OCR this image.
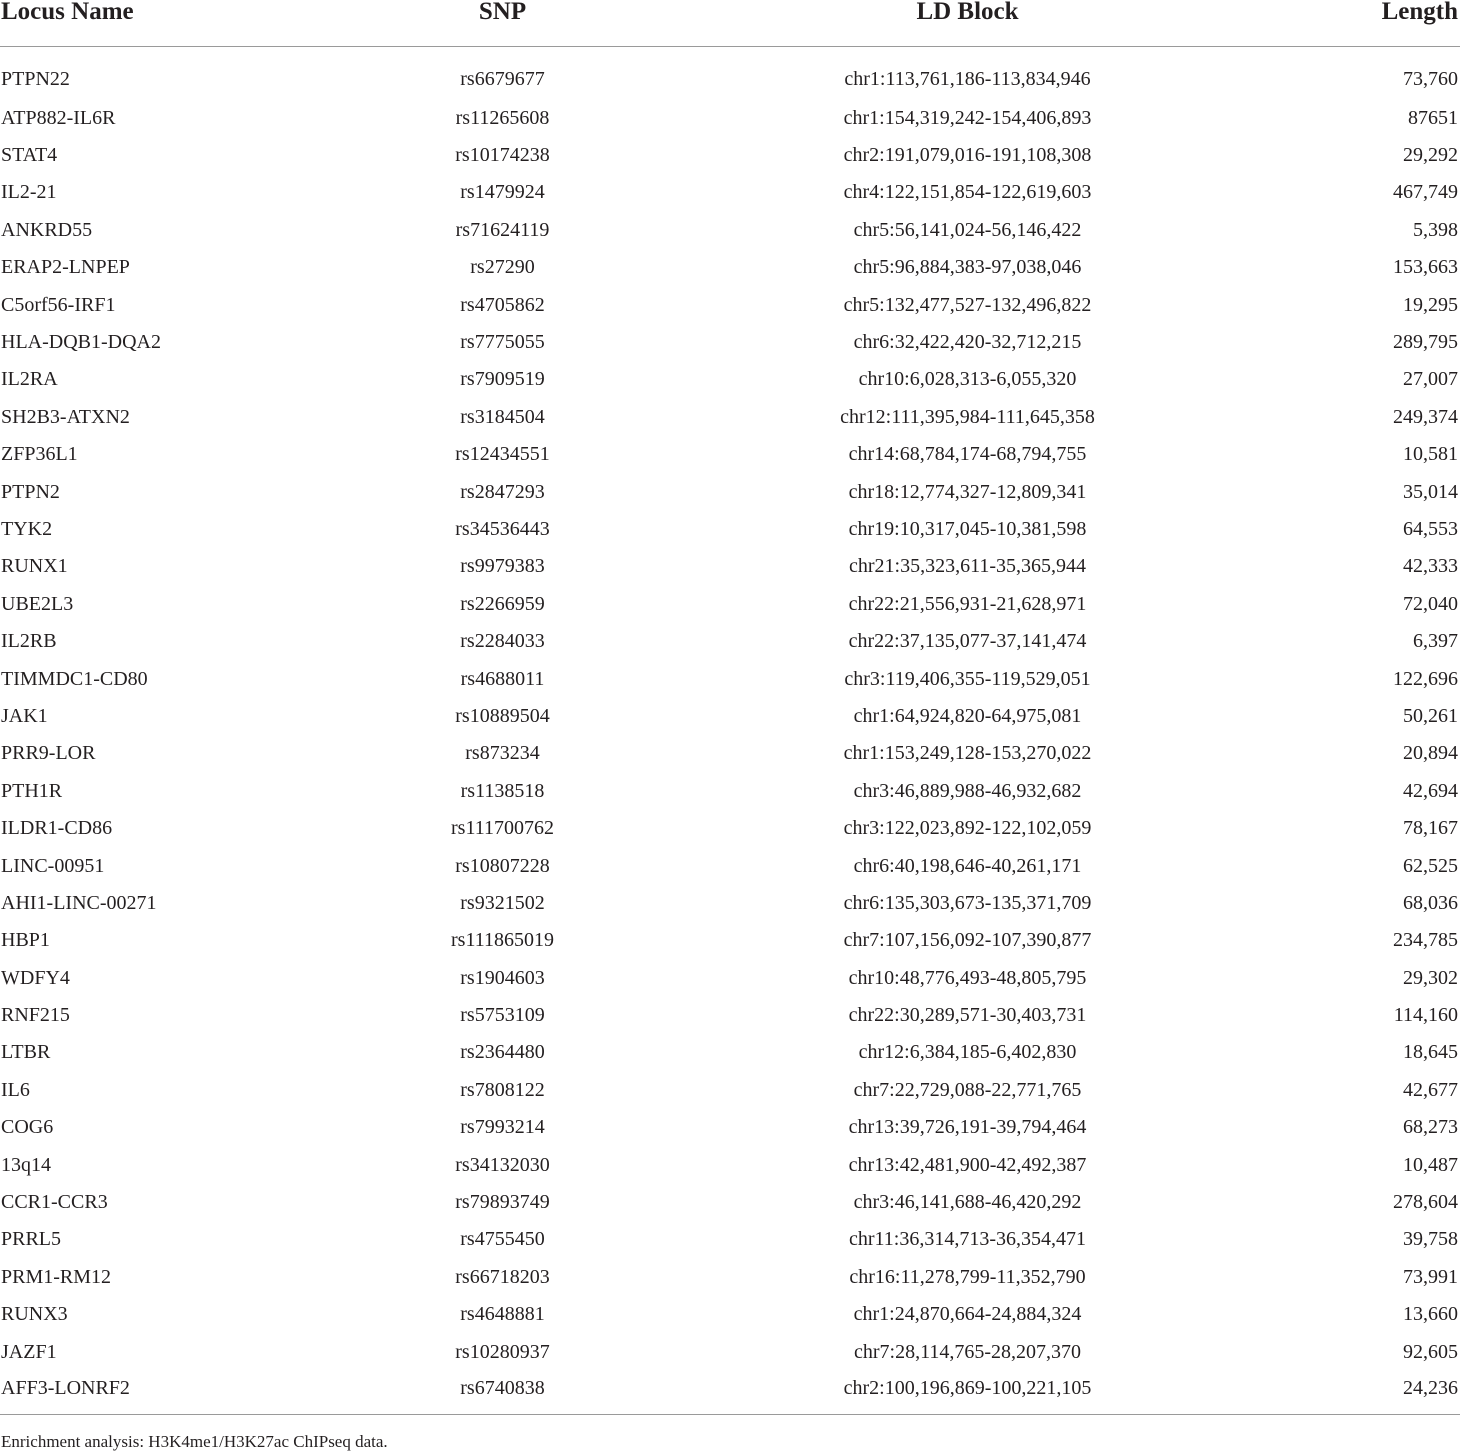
Locus Name	SNP	LD Block	Length
PTPN22	rs6679677	chr1:113,761,186-113,834,946	73,760
ATP882-IL6R	rs11265608	chr1:154,319,242-154,406,893	87651
STAT4	rs10174238	chr2:191,079,016-191,108,308	29,292
IL2-21	rs1479924	chr4:122,151,854-122,619,603	467,749
ANKRD55	rs71624119	chr5:56,141,024-56,146,422	5,398
ERAP2-LNPEP	rs27290	chr5:96,884,383-97,038,046	153,663
C5orf56-IRF1	rs4705862	chr5:132,477,527-132,496,822	19,295
HLA-DQB1-DQA2	rs7775055	chr6:32,422,420-32,712,215	289,795
IL2RA	rs7909519	chr10:6,028,313-6,055,320	27,007
SH2B3-ATXN2	rs3184504	chr12:111,395,984-111,645,358	249,374
ZFP36L1	rs12434551	chr14:68,784,174-68,794,755	10,581
PTPN2	rs2847293	chr18:12,774,327-12,809,341	35,014
TYK2	rs34536443	chr19:10,317,045-10,381,598	64,553
RUNX1	rs9979383	chr21:35,323,611-35,365,944	42,333
UBE2L3	rs2266959	chr22:21,556,931-21,628,971	72,040
IL2RB	rs2284033	chr22:37,135,077-37,141,474	6,397
TIMMDC1-CD80	rs4688011	chr3:119,406,355-119,529,051	122,696
JAK1	rs10889504	chr1:64,924,820-64,975,081	50,261
PRR9-LOR	rs873234	chr1:153,249,128-153,270,022	20,894
PTH1R	rs1138518	chr3:46,889,988-46,932,682	42,694
ILDR1-CD86	rs111700762	chr3:122,023,892-122,102,059	78,167
LINC-00951	rs10807228	chr6:40,198,646-40,261,171	62,525
AHI1-LINC-00271	rs9321502	chr6:135,303,673-135,371,709	68,036
HBP1	rs111865019	chr7:107,156,092-107,390,877	234,785
WDFY4	rs1904603	chr10:48,776,493-48,805,795	29,302
RNF215	rs5753109	chr22:30,289,571-30,403,731	114,160
LTBR	rs2364480	chr12:6,384,185-6,402,830	18,645
IL6	rs7808122	chr7:22,729,088-22,771,765	42,677
COG6	rs7993214	chr13:39,726,191-39,794,464	68,273
13q14	rs34132030	chr13:42,481,900-42,492,387	10,487
CCR1-CCR3	rs79893749	chr3:46,141,688-46,420,292	278,604
PRRL5	rs4755450	chr11:36,314,713-36,354,471	39,758
PRM1-RM12	rs66718203	chr16:11,278,799-11,352,790	73,991
RUNX3	rs4648881	chr1:24,870,664-24,884,324	13,660
JAZF1	rs10280937	chr7:28,114,765-28,207,370	92,605
AFF3-LONRF2	rs6740838	chr2:100,196,869-100,221,105	24,236
Enrichment analysis: H3K4me1/H3K27ac ChIPseq data.
